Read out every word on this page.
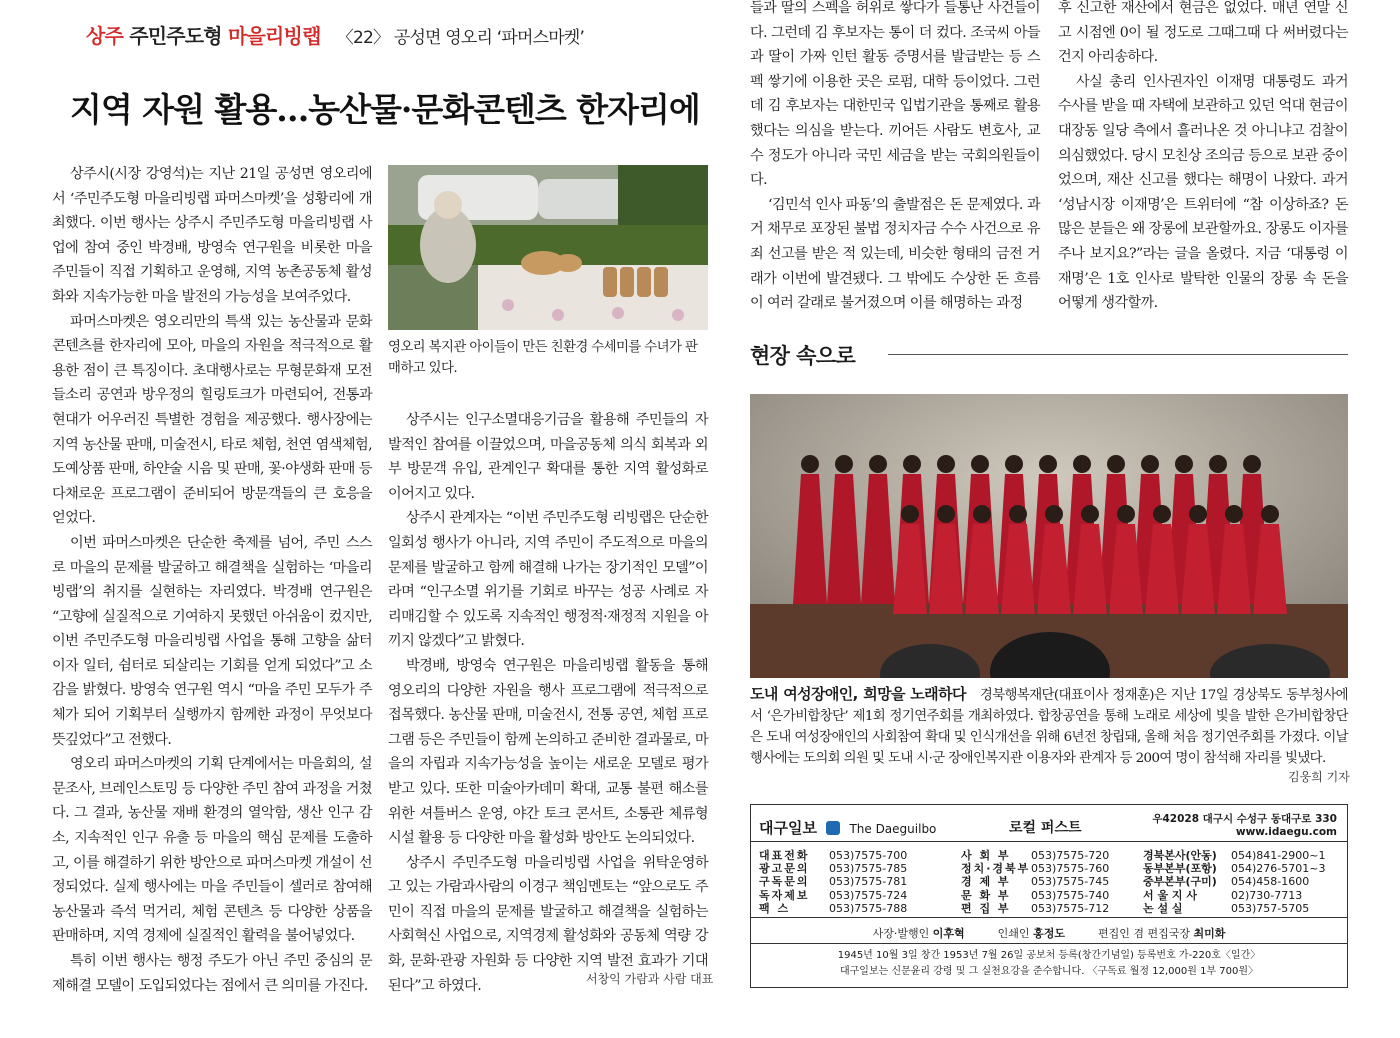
상주 주민주도형 마을리빙랩 〈22〉 공성면 영오리 ‘파머스마켓’
지역 자원 활용…농산물·문화콘텐츠 한자리에

상주시(시장 강영석)는 지난 21일 공성면 영오리에서 ‘주민주도형 마을리빙랩 파머스마켓’을 성황리에 개최했다. 이번 행사는 상주시 주민주도형 마을리빙랩 사업에 참여 중인 박경배, 방영숙 연구원을 비롯한 마을 주민들이 직접 기획하고 운영해, 지역 농촌공동체 활성화와 지속가능한 마을 발전의 가능성을 보여주었다.

파머스마켓은 영오리만의 특색 있는 농산물과 문화콘텐츠를 한자리에 모아, 마을의 자원을 적극적으로 활용한 점이 큰 특징이다. 초대행사로는 무형문화재 모전들소리 공연과 방우정의 힐링토크가 마련되어, 전통과 현대가 어우러진 특별한 경험을 제공했다. 행사장에는 지역 농산물 판매, 미술전시, 타로 체험, 천연 염색체험, 도예상품 판매, 하얀술 시음 및 판매, 꽃·야생화 판매 등 다채로운 프로그램이 준비되어 방문객들의 큰 호응을 얻었다.

이번 파머스마켓은 단순한 축제를 넘어, 주민 스스로 마을의 문제를 발굴하고 해결책을 실험하는 ‘마을리빙랩’의 취지를 실현하는 자리였다. 박경배 연구원은 “고향에 실질적으로 기여하지 못했던 아쉬움이 컸지만, 이번 주민주도형 마을리빙랩 사업을 통해 고향을 삶터이자 일터, 쉼터로 되살리는 기회를 얻게 되었다”고 소감을 밝혔다. 방영숙 연구원 역시 “마을 주민 모두가 주체가 되어 기획부터 실행까지 함께한 과정이 무엇보다 뜻깊었다”고 전했다.

영오리 파머스마켓의 기획 단계에서는 마을회의, 설문조사, 브레인스토밍 등 다양한 주민 참여 과정을 거쳤다. 그 결과, 농산물 재배 환경의 열악함, 생산 인구 감소, 지속적인 인구 유출 등 마을의 핵심 문제를 도출하고, 이를 해결하기 위한 방안으로 파머스마켓 개설이 선정되었다. 실제 행사에는 마을 주민들이 셀러로 참여해 농산물과 즉석 먹거리, 체험 콘텐츠 등 다양한 상품을 판매하며, 지역 경제에 실질적인 활력을 불어넣었다.

특히 이번 행사는 행정 주도가 아닌 주민 중심의 문제해결 모델이 도입되었다는 점에서 큰 의미를 가진다.

영오리 복지관 아이들이 만든 친환경 수세미를 수녀가 판매하고 있다.

상주시는 인구소멸대응기금을 활용해 주민들의 자발적인 참여를 이끌었으며, 마을공동체 의식 회복과 외부 방문객 유입, 관계인구 확대를 통한 지역 활성화로 이어지고 있다.

상주시 관계자는 “이번 주민주도형 리빙랩은 단순한 일회성 행사가 아니라, 지역 주민이 주도적으로 마을의 문제를 발굴하고 함께 해결해 나가는 장기적인 모델”이라며 “인구소멸 위기를 기회로 바꾸는 성공 사례로 자리매김할 수 있도록 지속적인 행정적·재정적 지원을 아끼지 않겠다”고 밝혔다.

박경배, 방영숙 연구원은 마을리빙랩 활동을 통해 영오리의 다양한 자원을 행사 프로그램에 적극적으로 접목했다. 농산물 판매, 미술전시, 전통 공연, 체험 프로그램 등은 주민들이 함께 논의하고 준비한 결과물로, 마을의 자립과 지속가능성을 높이는 새로운 모델로 평가받고 있다. 또한 미술아카데미 확대, 교통 불편 해소를 위한 셔틀버스 운영, 야간 토크 콘서트, 소통관 체류형 시설 활용 등 다양한 마을 활성화 방안도 논의되었다.

상주시 주민주도형 마을리빙랩 사업을 위탁운영하고 있는 가람과사람의 이경구 책임멘토는 “앞으로도 주민이 직접 마을의 문제를 발굴하고 해결책을 실험하는 사회혁신 사업으로, 지역경제 활성화와 공동체 역량 강화, 문화·관광 자원화 등 다양한 지역 발전 효과가 기대된다”고 하였다.	서창익 가람과 사람 대표

들과 딸의 스펙을 허위로 쌓다가 들통난 사건들이다. 그런데 김 후보자는 통이 더 컸다. 조국씨 아들과 딸이 가짜 인턴 활동 증명서를 발급받는 등 스펙 쌓기에 이용한 곳은 로펌, 대학 등이었다. 그런데 김 후보자는 대한민국 입법기관을 통째로 활용했다는 의심을 받는다. 끼어든 사람도 변호사, 교수 정도가 아니라 국민 세금을 받는 국회의원들이다.

‘김민석 인사 파동’의 출발점은 돈 문제였다. 과거 채무로 포장된 불법 정치자금 수수 사건으로 유죄 선고를 받은 적 있는데, 비슷한 형태의 금전 거래가 이번에 발견됐다. 그 밖에도 수상한 돈 흐름이 여러 갈래로 불거졌으며 이를 해명하는 과정

후 신고한 재산에서 현금은 없었다. 매년 연말 신고 시점엔 0이 될 정도로 그때그때 다 써버렸다는 건지 아리송하다.

사실 총리 인사권자인 이재명 대통령도 과거 수사를 받을 때 자택에 보관하고 있던 억대 현금이 대장동 일당 측에서 흘러나온 것 아니냐고 검찰이 의심했었다. 당시 모친상 조의금 등으로 보관 중이었으며, 재산 신고를 했다는 해명이 나왔다. 과거 ‘성남시장 이재명’은 트위터에 “참 이상하죠? 돈 많은 분들은 왜 장롱에 보관할까요. 장롱도 이자를 주나 보지요?”라는 글을 올렸다. 지금 ‘대통령 이재명’은 1호 인사로 발탁한 인물의 장롱 속 돈을 어떻게 생각할까.

현장 속으로
도내 여성장애인, 희망을 노래하다 경북행복재단(대표이사 정재훈)은 지난 17일 경상북도 동부청사에서 ‘은가비합창단’ 제1회 정기연주회를 개최하였다. 합창공연을 통해 노래로 세상에 빛을 발한 은가비합창단은 도내 여성장애인의 사회참여 확대 및 인식개선을 위해 6년전 창립돼, 올해 처음 정기연주회를 가졌다. 이날 행사에는 도의회 의원 및 도내 시·군 장애인복지관 이용자와 관계자 등 200여 명이 참석해 자리를 빛냈다.
김웅희 기자
대구일보	The Daeguilbo	로컬 퍼스트
우42028 대구시 수성구 동대구로 330
www.idaegu.com
대표전화 053)7575-700
광고문의 053)7575-785
구독문의 053)7575-781
독자제보 053)7575-724
팩 스	053)7575-788
사 회 부 053)7575-720
정치·경북부053)7575-760
경 제 부 053)7575-745
문 화 부 053)7575-740
편 집 부 053)7575-712
경북본사(안동) 054)841-2900~1
동부본부(포항) 054)276-5701~3
중부본부(구미) 054)458-1600
서 울 지 사	02)730-7713
논 설 실	053)757-5705
사장·발행인 이후혁	인쇄인 홍정도	편집인 겸 편집국장 최미화
1945년 10월 3일 창간 1953년 7월 26일 공보처 등록(창간기념일) 등록번호 가-220호〈일간〉
대구일보는 신문윤리 강령 및 그 실천요강을 준수합니다. 〈구독료 월정 12,000원 1부 700원〉
